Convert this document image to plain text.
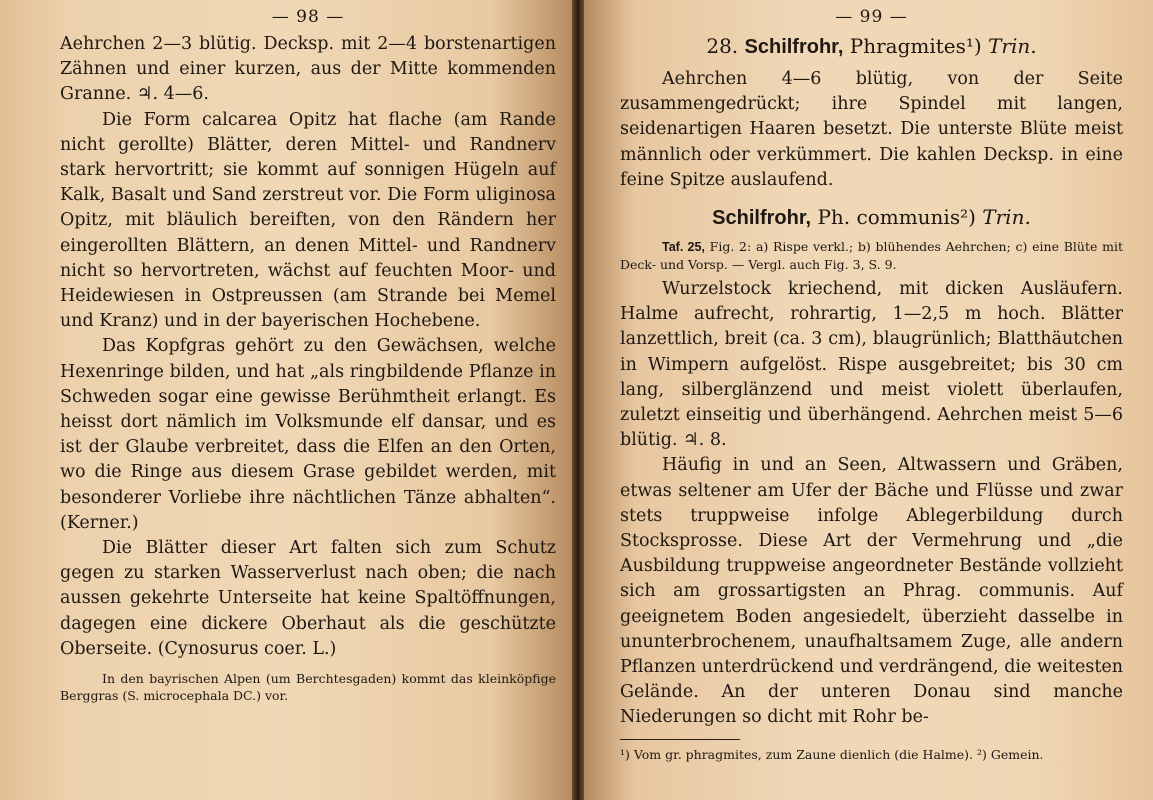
— 98 —

Aehrchen 2—3 blütig. Decksp. mit 2—4 borstenartigen Zähnen und einer kurzen, aus der Mitte kommenden Granne. ♃. 4—6.

Die Form calcarea Opitz hat flache (am Rande nicht gerollte) Blätter, deren Mittel- und Randnerv stark hervortritt; sie kommt auf sonnigen Hügeln auf Kalk, Basalt und Sand zerstreut vor. Die Form uliginosa Opitz, mit bläulich bereiften, von den Rändern her eingerollten Blättern, an denen Mittel- und Randnerv nicht so hervortreten, wächst auf feuchten Moor- und Heidewiesen in Ostpreussen (am Strande bei Memel und Kranz) und in der bayerischen Hochebene.

Das Kopfgras gehört zu den Gewächsen, welche Hexenringe bilden, und hat „als ringbildende Pflanze in Schweden sogar eine gewisse Berühmtheit erlangt. Es heisst dort nämlich im Volksmunde elf dansar, und es ist der Glaube verbreitet, dass die Elfen an den Orten, wo die Ringe aus diesem Grase gebildet werden, mit besonderer Vorliebe ihre nächtlichen Tänze abhalten“. (Kerner.)

Die Blätter dieser Art falten sich zum Schutz gegen zu starken Wasserverlust nach oben; die nach aussen gekehrte Unterseite hat keine Spaltöffnungen, dagegen eine dickere Oberhaut als die geschützte Oberseite. (Cynosurus coer. L.)

In den bayrischen Alpen (um Berchtesgaden) kommt das kleinköpfige Berggras (S. microcephala DC.) vor.

— 99 —
28. Schilfrohr, Phragmites¹) Trin.

Aehrchen 4—6 blütig, von der Seite zusammengedrückt; ihre Spindel mit langen, seidenartigen Haaren besetzt. Die unterste Blüte meist männlich oder verkümmert. Die kahlen Decksp. in eine feine Spitze auslaufend.

Schilfrohr, Ph. communis²) Trin.

Taf. 25, Fig. 2: a) Rispe verkl.; b) blühendes Aehrchen; c) eine Blüte mit Deck- und Vorsp. — Vergl. auch Fig. 3, S. 9.

Wurzelstock kriechend, mit dicken Ausläufern. Halme aufrecht, rohrartig, 1—2,5 m hoch. Blätter lanzettlich, breit (ca. 3 cm), blaugrünlich; Blatthäutchen in Wimpern aufgelöst. Rispe ausgebreitet; bis 30 cm lang, silberglänzend und meist violett überlaufen, zuletzt einseitig und überhängend. Aehrchen meist 5—6 blütig. ♃. 8.

Häufig in und an Seen, Altwassern und Gräben, etwas seltener am Ufer der Bäche und Flüsse und zwar stets truppweise infolge Ablegerbildung durch Stocksprosse. Diese Art der Vermehrung und „die Ausbildung truppweise angeordneter Bestände vollzieht sich am grossartigsten an Phrag. communis. Auf geeignetem Boden angesiedelt, überzieht dasselbe in ununterbrochenem, unaufhaltsamem Zuge, alle andern Pflanzen unterdrückend und verdrängend, die weitesten Gelände. An der unteren Donau sind manche Niederungen so dicht mit Rohr be-

¹) Vom gr. phragmites, zum Zaune dienlich (die Halme). ²) Gemein.
